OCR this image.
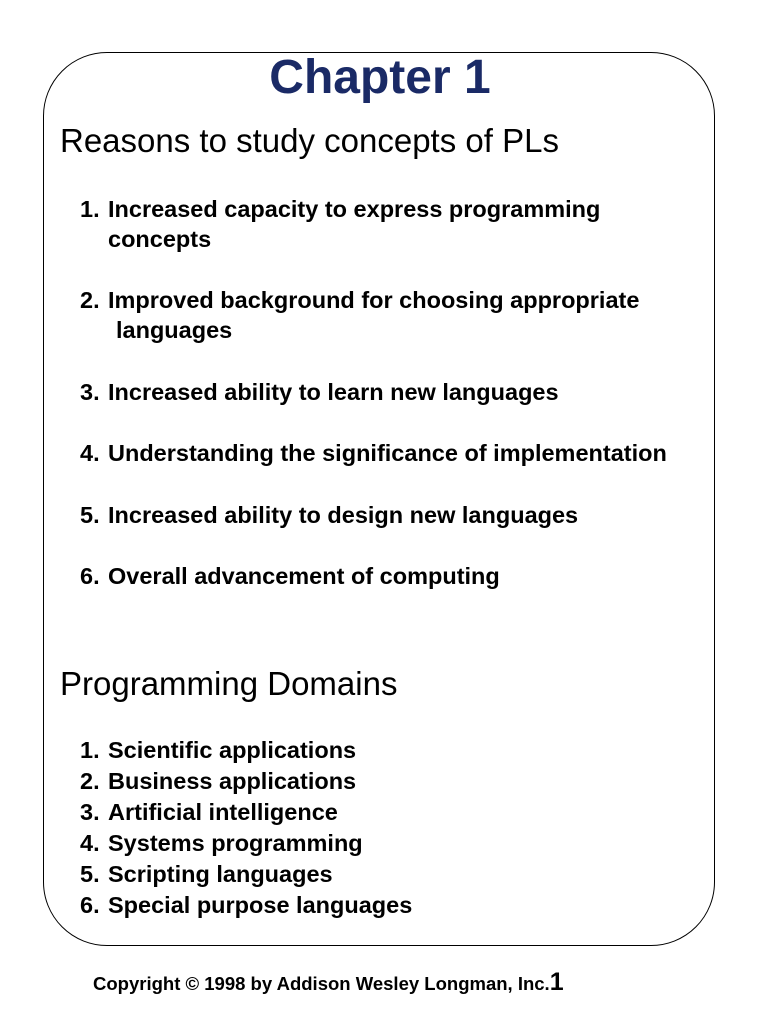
Chapter 1
Reasons to study concepts of PLs
1. Increased capacity to express programming
concepts
2. Improved background for choosing appropriate
languages
3. Increased ability to learn new languages
4. Understanding the significance of implementation
5. Increased ability to design new languages
6. Overall advancement of computing
Programming Domains
1. Scientific applications
2. Business applications
3. Artificial intelligence
4. Systems programming
5. Scripting languages
6. Special purpose languages
Copyright © 1998 by Addison Wesley Longman, Inc.1
